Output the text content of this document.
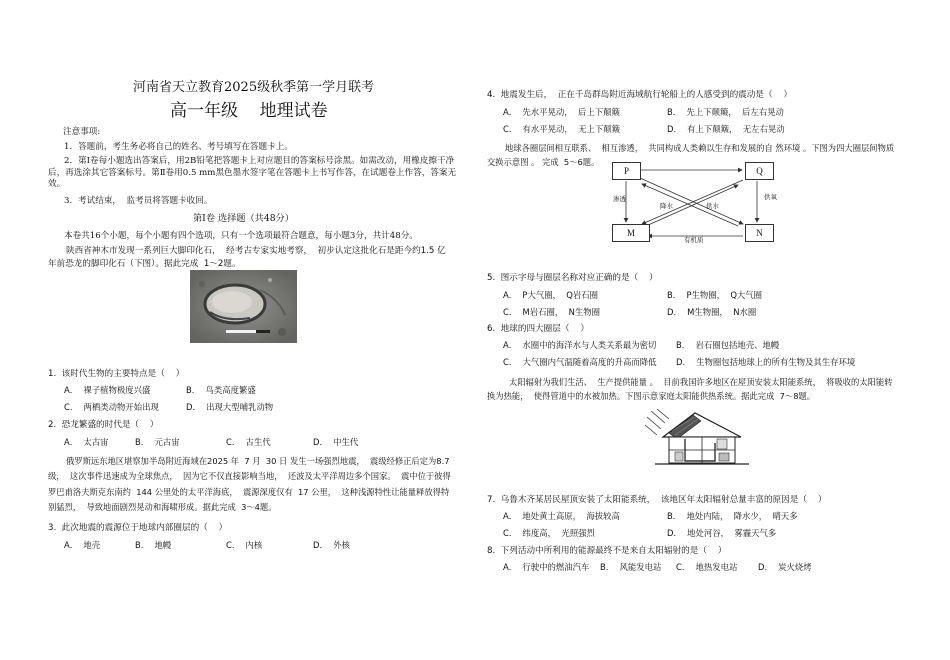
河南省天立教育2025级秋季第一学月联考
高一年级    地理试卷
注意事项:
1．答题前，考生务必将自己的姓名、考号填写在答题卡上。
2．第Ⅰ卷每小题选出答案后，用2B铅笔把答题卡上对应题目的答案标号涂黑。如需改动，用橡皮擦干净后，再选涂其它答案标号。第Ⅱ卷用0.5 mm黑色墨水签字笔在答题卡上书写作答，在试题卷上作答，答案无效。
3．考试结束，  监考员将答题卡收回。
第Ⅰ卷 选择题（共48分）
本卷共16个小题，每个小题有四个选项，只有一个选项最符合题意，每小题3分，共计48分。
陕西省神木市发现一系列巨大脚印化石，  经考古专家实地考察，  初步认定这批化石是距今约1.5 亿年前恐龙的脚印化石（下图）。据此完成  1～2题。
1.  该时代生物的主要特点是（    ）
A．  裸子植物极度兴盛	B．  鸟类高度繁盛
C．  两栖类动物开始出现	D．  出现大型哺乳动物
2.  恐龙繁盛的时代是（    ）
A．  太古宙	B．  元古宙	C．  古生代	D．  中生代
俄罗斯远东地区堪察加半岛附近海域在2025 年  7 月  30 日 发生一场强烈地震，  震级经修正后定为8.7级，  这次事件迅速成为全球焦点，  因为它不仅直接影响当地，  还波及太平洋周边多个国家。  震中位于彼得罗巴甫洛夫斯克东南约  144 公里处的太平洋海底，  震源深度仅有  17 公里，  这种浅源特性让能量释放得特别猛烈，  导致地面剧烈晃动和海啸形成。据此完成  3～4题。
3.  此次地震的震源位于地球内部圈层的（    ）
A．  地壳	B．  地幔	C．  内核	D．  外核
4.  地震发生后，  正在千岛群岛附近海域航行轮船上的人感受到的震动是（    ）
A．  先水平晃动，  后上下颠簸	B．  先上下颠簸，  后左右晃动
C．  有水平晃动，  无上下颠簸	D．  有上下颠簸，  无左右晃动
地球各圈层间相互联系、  相互渗透，  共同构成人类赖以生存和发展的自 然环境 。下图为四大圈层间物质交换示意图 。 完成  5～6题。
P	Q
M	N
渗透
降水	供水
供氧
有机质
5.  图示字母与圈层名称对应正确的是（    ）
A．  P大气圈，  Q岩石圈	B．  P生物圈，  Q大气圈
C．  M岩石圈，  N生物圈	D．  M生物圈，  N水圈
6.  地球的四大圈层（    ）
A．  水圈中的海洋水与人类关系最为密切 B．  岩石圈包括地壳、地幔
C．  大气圈内气温随着高度的升高而降低 D．  生物圈包括地球上的所有生物及其生存环境
太阳辐射为我们生活、  生产提供能量 。  目前我国许多地区在屋顶安装太阳能系统，  将吸收的太阳能转换为热能，  使得管道中的水被加热。下图示意家庭太阳能供热系统。据此完成  7～8题。
7.  乌鲁木齐某居民屋顶安装了太阳能系统，  该地区年太阳辐射总量丰富的原因是（    ）
A．  地处黄土高原，  海拔较高	B．  地处内陆，  降水少，  晴天多
C．  纬度高，  光照强烈	D．  地处河谷，  雾霾天气多
8.  下列活动中所利用的能源最终不是来自太阳辐射的是（    ）
A．  行驶中的燃油汽车 B．  风能发电站 C．  地热发电站 D．  炭火烧烤
